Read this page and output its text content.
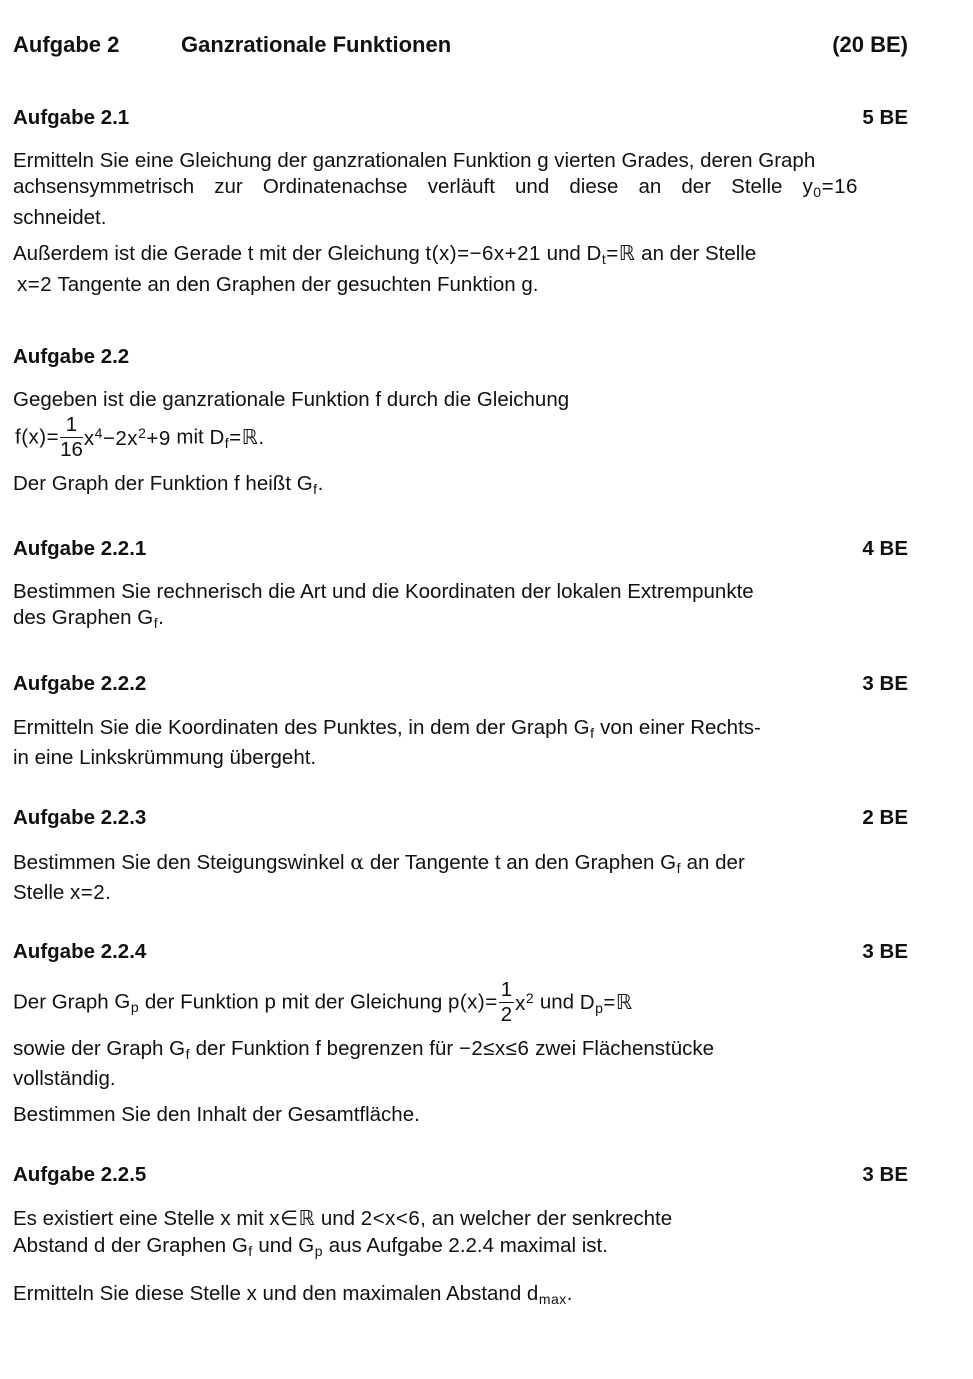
Aufgabe 2	Ganzrationale Funktionen	(20 BE)
Aufgabe 2.1	5 BE
Ermitteln Sie eine Gleichung der ganzrationalen Funktion g vierten Grades, deren Graph
achsensymmetrisch zur Ordinatenachse verläuft und diese an der Stelle $y_0=16$
schneidet.
Außerdem ist die Gerade t mit der Gleichung t(x)=−6x+21 und $D_t=ℝ$ an der Stelle
x=2 Tangente an den Graphen der gesuchten Funktion g.
Aufgabe 2.2
Gegeben ist die ganzrationale Funktion f durch die Gleichung
$f(x)= \frac{1}{16} x^4-2x^2+9$ mit $D_f=ℝ$.
Der Graph der Funktion f heißt $G_f$.
Aufgabe 2.2.1	4 BE
Bestimmen Sie rechnerisch die Art und die Koordinaten der lokalen Extrempunkte
des Graphen $G_f$.
Aufgabe 2.2.2	3 BE
Ermitteln Sie die Koordinaten des Punktes, in dem der Graph $G_f$ von einer Rechts-
in eine Linkskrümmung übergeht.
Aufgabe 2.2.3	2 BE
Bestimmen Sie den Steigungswinkel α der Tangente t an den Graphen $G_f$ an der
Stelle x=2.
Aufgabe 2.2.4	3 BE
Der Graph $G_p$ der Funktion p mit der Gleichung $p(x)= \frac{1}{2} x^2$ und $D_p=ℝ$
sowie der Graph $G_f$ der Funktion f begrenzen für −2≤x≤6 zwei Flächenstücke
vollständig.
Bestimmen Sie den Inhalt der Gesamtfläche.
Aufgabe 2.2.5	3 BE
Es existiert eine Stelle x mit x∈ℝ und 2<x<6, an welcher der senkrechte
Abstand d der Graphen $G_f$ und $G_p$ aus Aufgabe 2.2.4 maximal ist.
Ermitteln Sie diese Stelle x und den maximalen Abstand $d_{max}$.
